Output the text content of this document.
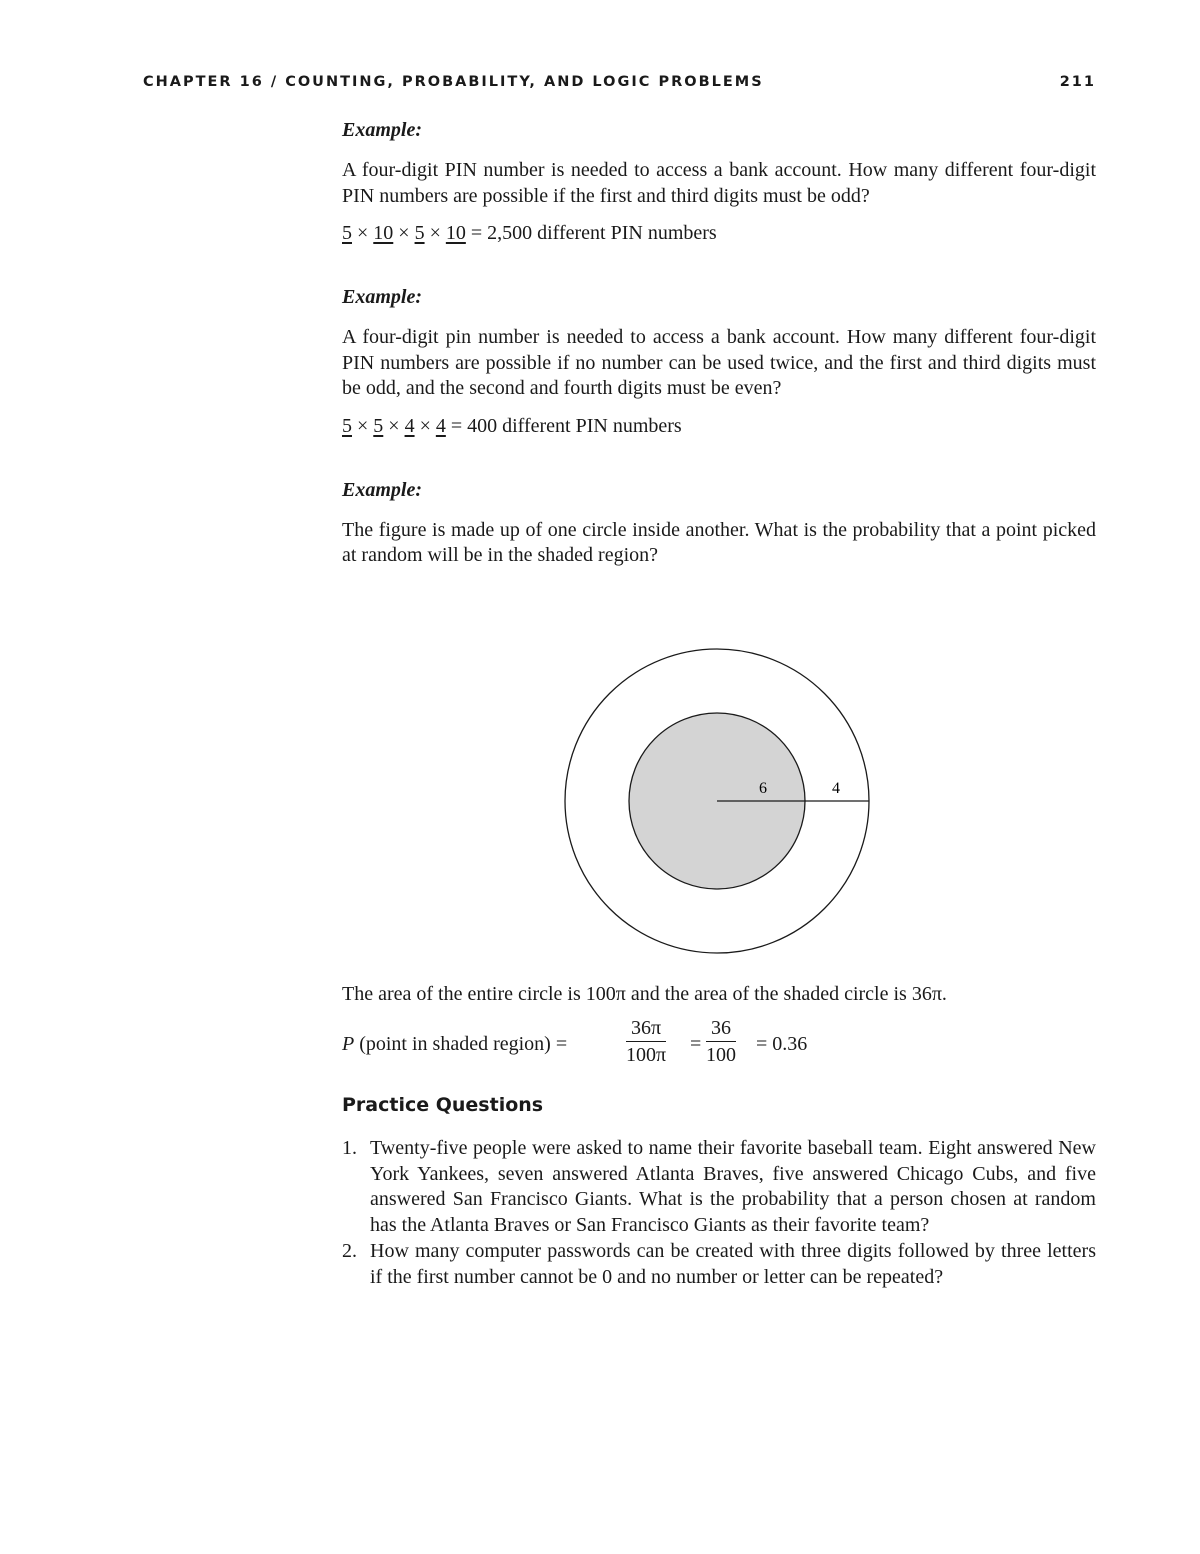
CHAPTER 16 / COUNTING, PROBABILITY, AND LOGIC PROBLEMS	211
Example:

A four-digit PIN number is needed to access a bank account. How many different four-digit PIN numbers are possible if the first and third digits must be odd?

5 × 10 × 5 × 10 = 2,500 different PIN numbers
Example:

A four-digit pin number is needed to access a bank account. How many different four-digit PIN numbers are possible if no number can be used twice, and the first and third digits must be odd, and the second and fourth digits must be even?

5 × 5 × 4 × 4 = 400 different PIN numbers
Example:

The figure is made up of one circle inside another. What is the probability that a point picked at random will be in the shaded region?

6	4
The area of the entire circle is 100π and the area of the shaded circle is 36π.
P (point in shaded region) =	$\frac{36\pi}{100\pi} = \frac{36}{100} = 0.36$
Practice Questions
1. Twenty-five people were asked to name their favorite baseball team. Eight answered New York Yankees, seven answered Atlanta Braves, five answered Chicago Cubs, and five answered San Francisco Giants. What is the probability that a person chosen at random has the Atlanta Braves or San Francisco Giants as their favorite team?
2. How many computer passwords can be created with three digits followed by three letters if the first number cannot be 0 and no number or letter can be repeated?
